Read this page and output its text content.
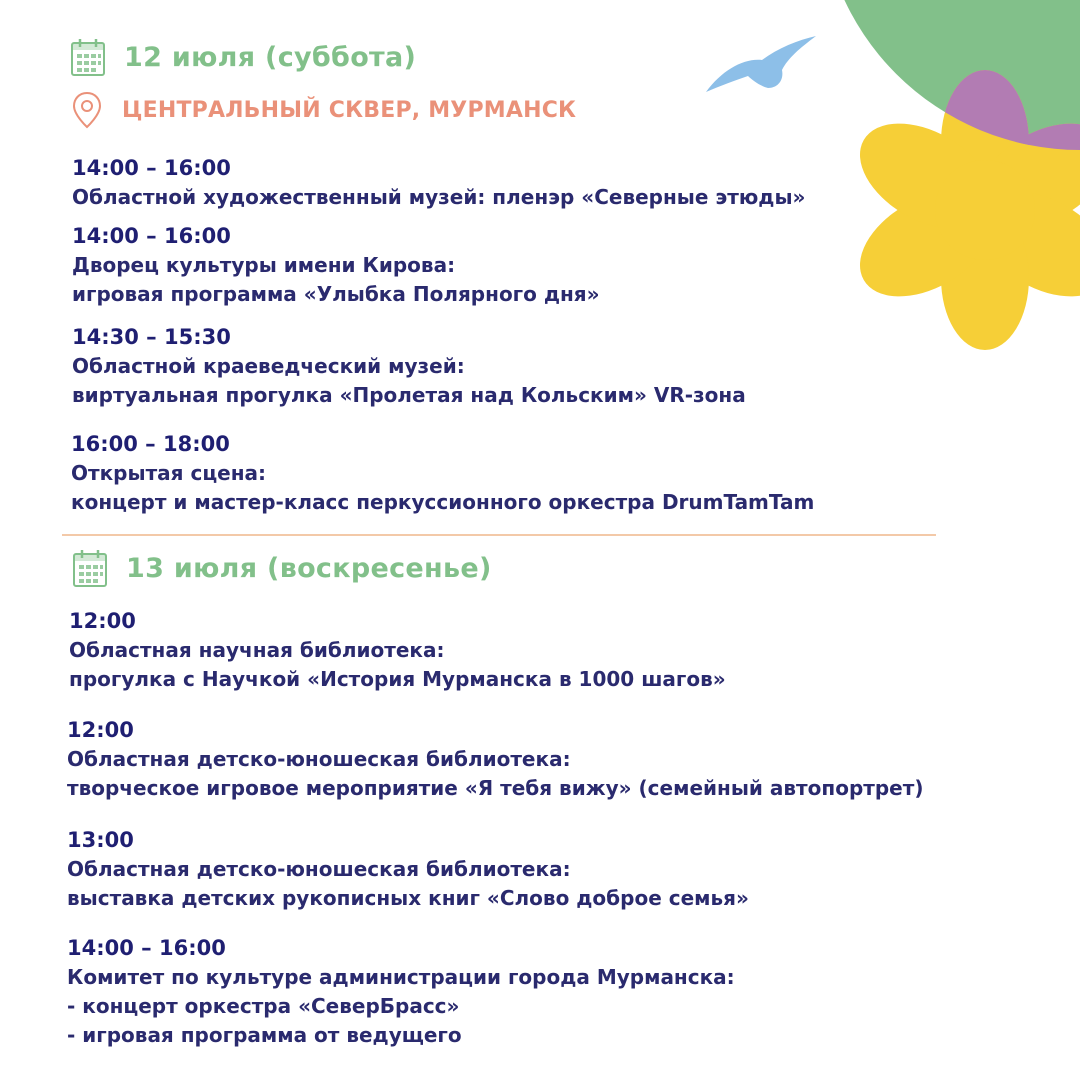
12 июля (суббота)
ЦЕНТРАЛЬНЫЙ СКВЕР, МУРМАНСК
14:00 – 16:00
Областной художественный музей: пленэр «Северные этюды»
14:00 – 16:00
Дворец культуры имени Кирова:
игровая программа «Улыбка Полярного дня»
14:30 – 15:30
Областной краеведческий музей:
виртуальная прогулка «Пролетая над Кольским» VR-зона
16:00 – 18:00
Открытая сцена:
концерт и мастер-класс перкуссионного оркестра DrumTamTam
13 июля (воскресенье)
12:00
Областная научная библиотека:
прогулка с Научкой «История Мурманска в 1000 шагов»
12:00
Областная детско-юношеская библиотека:
творческое игровое мероприятие «Я тебя вижу» (семейный автопортрет)
13:00
Областная детско-юношеская библиотека:
выставка детских рукописных книг «Слово доброе семья»
14:00 – 16:00
Комитет по культуре администрации города Мурманска:
- концерт оркестра «СеверБрасс»
- игровая программа от ведущего
